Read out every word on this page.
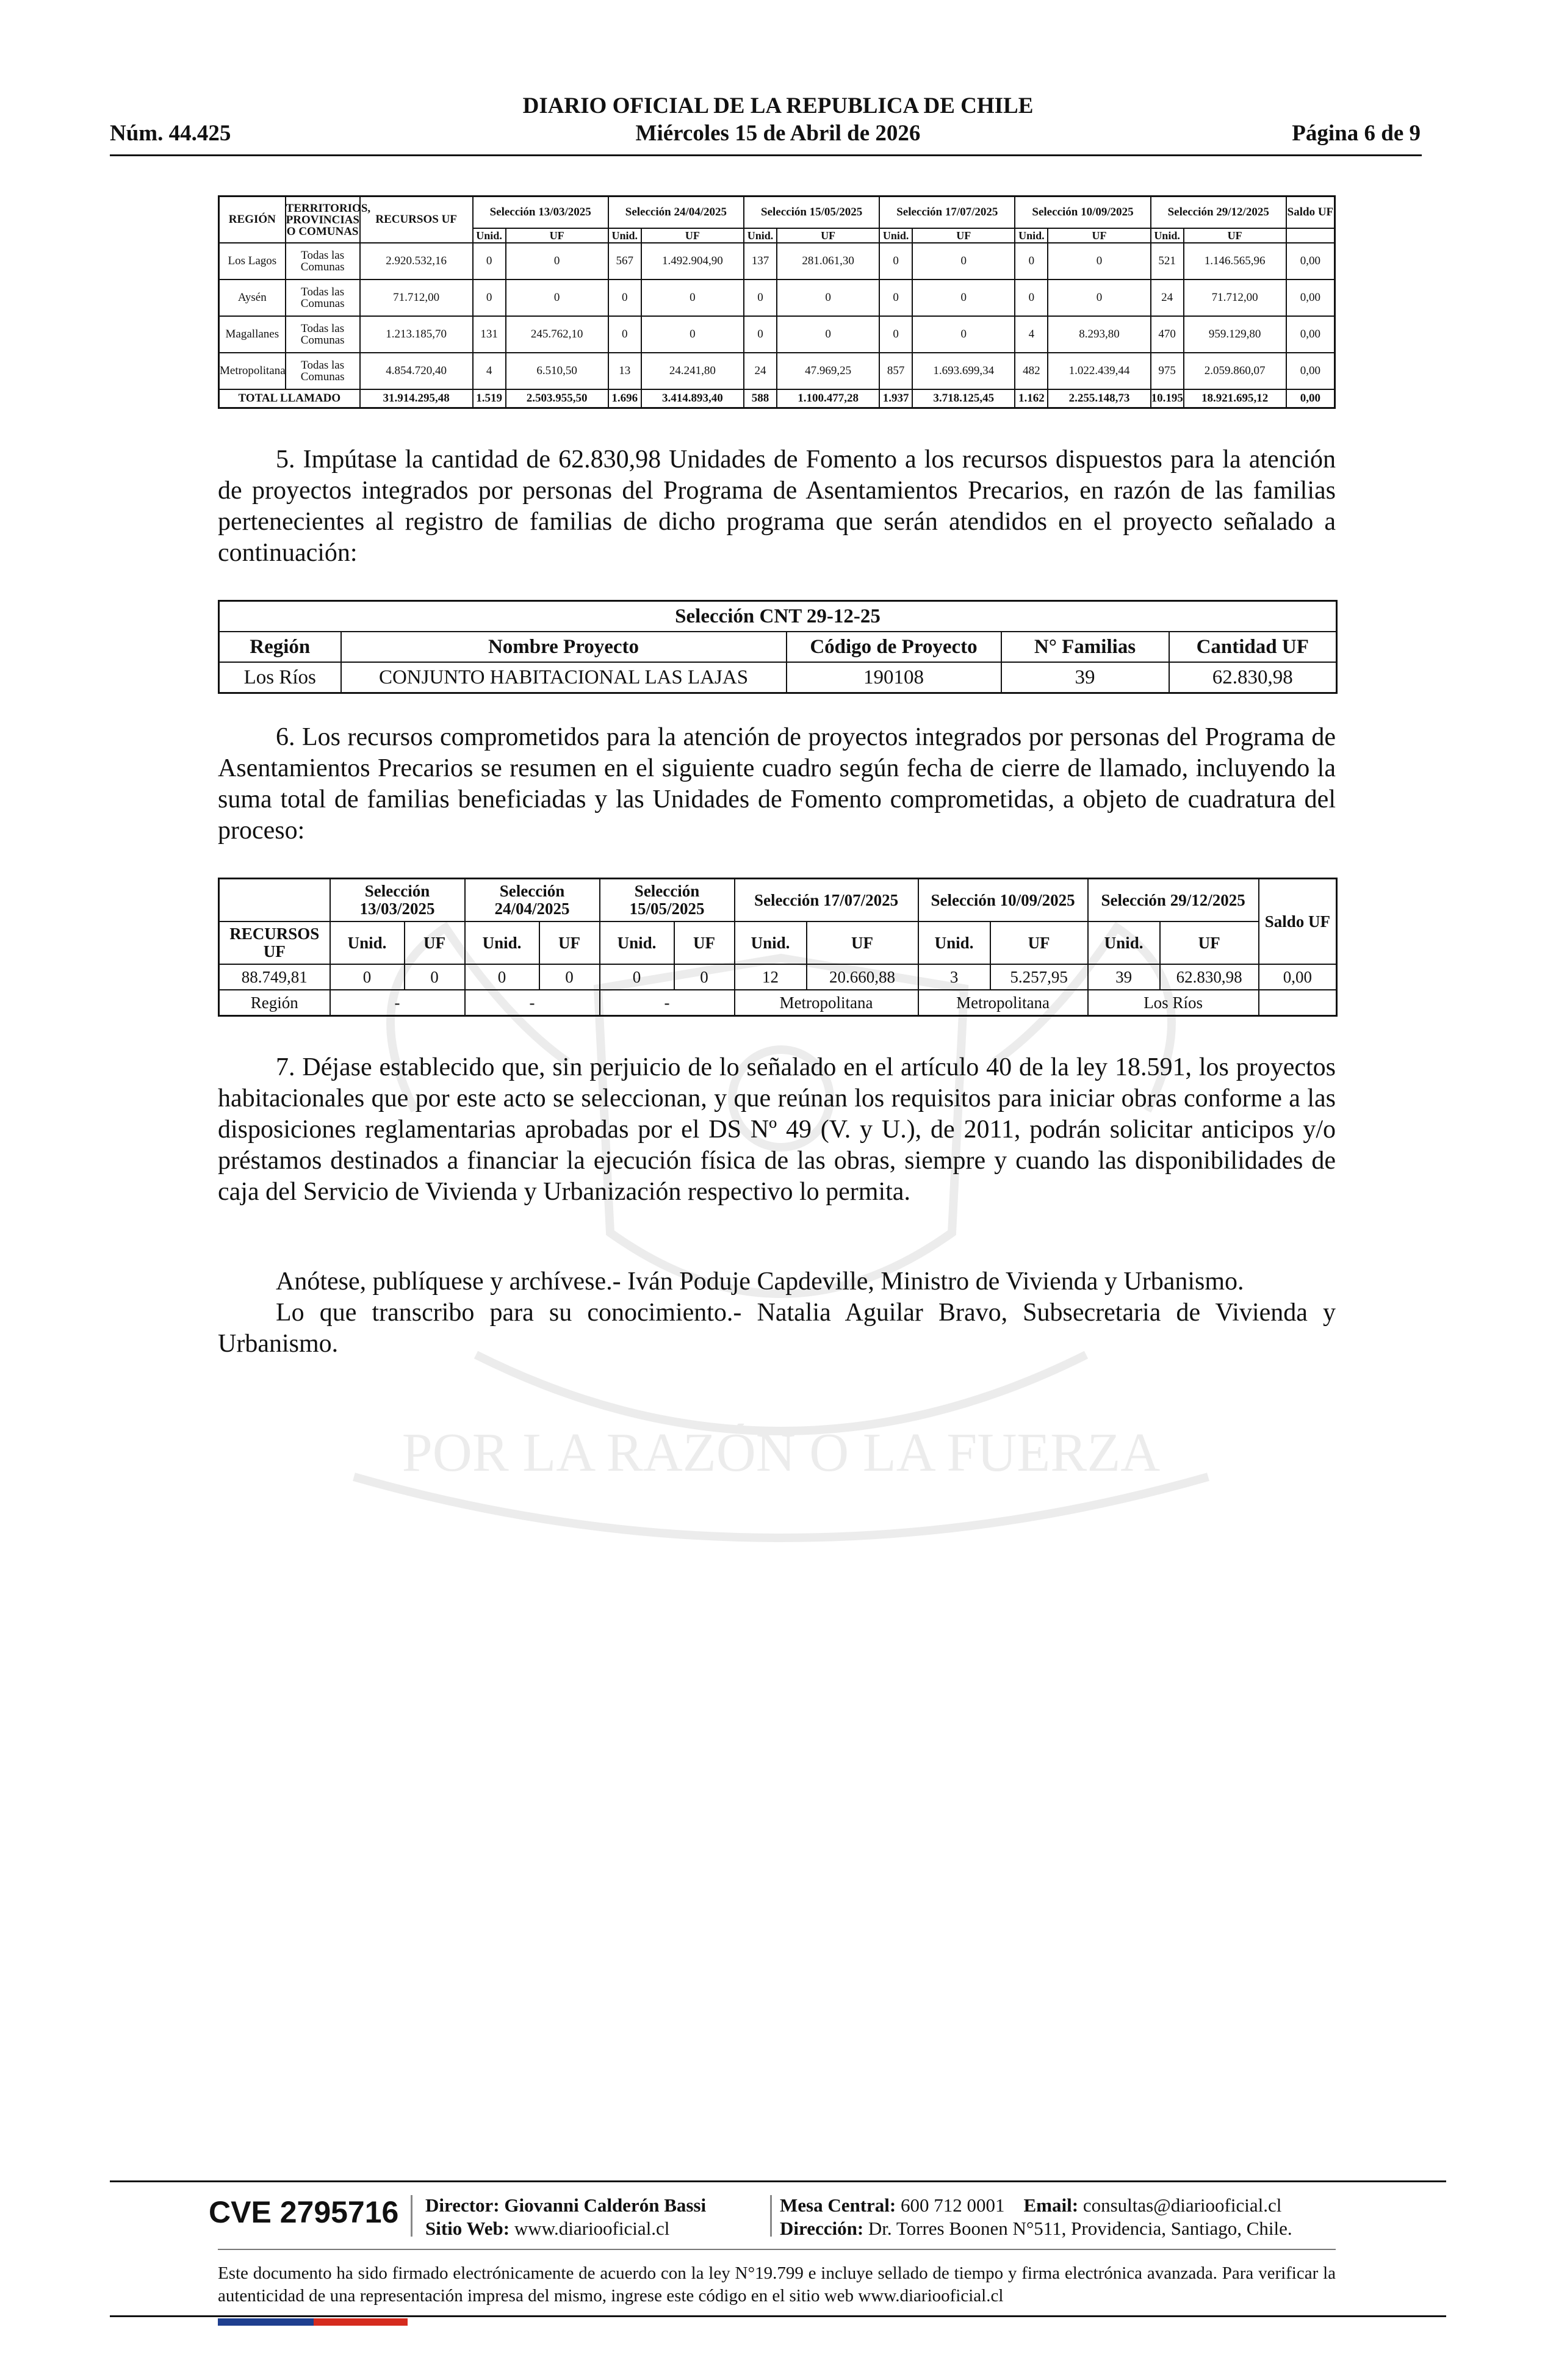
DIARIO OFICIAL DE LA REPUBLICA DE CHILE
Núm. 44.425	Miércoles 15 de Abril de 2026	Página 6 de 9
POR LA RAZÓN O LA FUERZA
REGIÓN	TERRITORIOS, PROVINCIAS O COMUNAS	RECURSOS UF	Selección 13/03/2025		Selección 24/04/2025		Selección 15/05/2025		Selección 17/07/2025		Selección 10/09/2025		Selección 29/12/2025		Saldo UF
			Unid.	UF	Unid.	UF	Unid.	UF	Unid.	UF	Unid.	UF	Unid.	UF	
Los Lagos	Todas las Comunas	2.920.532,16	0	0	567	1.492.904,90	137	281.061,30	0	0	0	0	521	1.146.565,96	0,00
Aysén	Todas las Comunas	71.712,00	0	0	0	0	0	0	0	0	0	0	24	71.712,00	0,00
Magallanes	Todas las Comunas	1.213.185,70	131	245.762,10	0	0	0	0	0	0	4	8.293,80	470	959.129,80	0,00
Metropolitana	Todas las Comunas	4.854.720,40	4	6.510,50	13	24.241,80	24	47.969,25	857	1.693.699,34	482	1.022.439,44	975	2.059.860,07	0,00
TOTAL LLAMADO		31.914.295,48	1.519	2.503.955,50	1.696	3.414.893,40	588	1.100.477,28	1.937	3.718.125,45	1.162	2.255.148,73	10.195	18.921.695,12	0,00

5. Impútase la cantidad de 62.830,98 Unidades de Fomento a los recursos dispuestos para la atención de proyectos integrados por personas del Programa de Asentamientos Precarios, en razón de las familias pertenecientes al registro de familias de dicho programa que serán atendidos en el proyecto señalado a continuación:

Selección CNT 29-12-25				
Región	Nombre Proyecto	Código de Proyecto	N° Familias	Cantidad UF
Los Ríos	CONJUNTO HABITACIONAL LAS LAJAS	190108	39	62.830,98

6. Los recursos comprometidos para la atención de proyectos integrados por personas del Programa de Asentamientos Precarios se resumen en el siguiente cuadro según fecha de cierre de llamado, incluyendo la suma total de familias beneficiadas y las Unidades de Fomento comprometidas, a objeto de cuadratura del proceso:

	Selección 13/03/2025		Selección 24/04/2025		Selección 15/05/2025		Selección 17/07/2025		Selección 10/09/2025		Selección 29/12/2025		Saldo UF
RECURSOS UF	Unid.	UF	Unid.	UF	Unid.	UF	Unid.	UF	Unid.	UF	Unid.	UF	
88.749,81	0	0	0	0	0	0	12	20.660,88	3	5.257,95	39	62.830,98	0,00
Región	-		-		-		Metropolitana		Metropolitana		Los Ríos		

7. Déjase establecido que, sin perjuicio de lo señalado en el artículo 40 de la ley 18.591, los proyectos habitacionales que por este acto se seleccionan, y que reúnan los requisitos para iniciar obras conforme a las disposiciones reglamentarias aprobadas por el DS Nº 49 (V. y U.), de 2011, podrán solicitar anticipos y/o préstamos destinados a financiar la ejecución física de las obras, siempre y cuando las disponibilidades de caja del Servicio de Vivienda y Urbanización respectivo lo permita.

Anótese, publíquese y archívese.- Iván Poduje Capdeville, Ministro de Vivienda y Urbanismo.

Lo que transcribo para su conocimiento.- Natalia Aguilar Bravo, Subsecretaria de Vivienda y Urbanismo.

CVE 2795716 Director: Giovanni Calderón Bassi
Sitio Web: www.diariooficial.cl
Mesa Central: 600 712 0001 Email: consultas@diariooficial.cl
Dirección: Dr. Torres Boonen N°511, Providencia, Santiago, Chile.
Este documento ha sido firmado electrónicamente de acuerdo con la ley N°19.799 e incluye sellado de tiempo y firma electrónica avanzada. Para verificar la autenticidad de una representación impresa del mismo, ingrese este código en el sitio web www.diariooficial.cl
